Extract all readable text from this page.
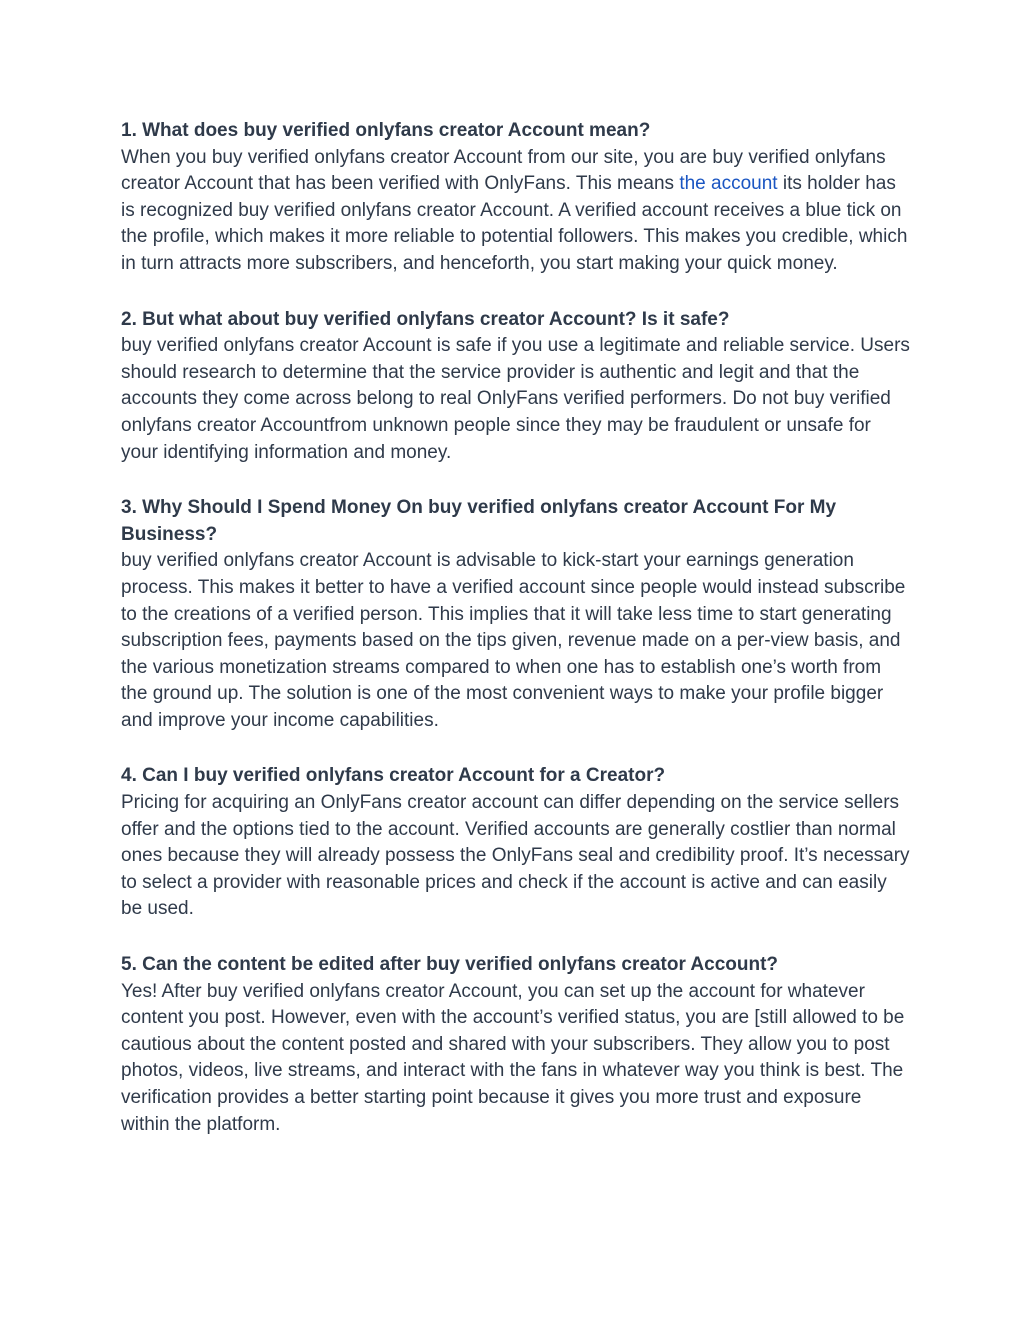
1. What does buy verified onlyfans creator Account mean?

When you buy verified onlyfans creator Account from our site, you are buy verified onlyfans creator Account that has been verified with OnlyFans. This means the account its holder has is recognized buy verified onlyfans creator Account. A verified account receives a blue tick on the profile, which makes it more reliable to potential followers. This makes you credible, which in turn attracts more subscribers, and henceforth, you start making your quick money.

2. But what about buy verified onlyfans creator Account? Is it safe?

buy verified onlyfans creator Account is safe if you use a legitimate and reliable service. Users should research to determine that the service provider is authentic and legit and that the accounts they come across belong to real OnlyFans verified performers. Do not buy verified onlyfans creator Accountfrom unknown people since they may be fraudulent or unsafe for your identifying information and money.

3. Why Should I Spend Money On buy verified onlyfans creator Account For My Business?

buy verified onlyfans creator Account is advisable to kick-start your earnings generation process. This makes it better to have a verified account since people would instead subscribe to the creations of a verified person. This implies that it will take less time to start generating subscription fees, payments based on the tips given, revenue made on a per-view basis, and the various monetization streams compared to when one has to establish one’s worth from the ground up. The solution is one of the most convenient ways to make your profile bigger and improve your income capabilities.

4. Can I buy verified onlyfans creator Account for a Creator?

Pricing for acquiring an OnlyFans creator account can differ depending on the service sellers offer and the options tied to the account. Verified accounts are generally costlier than normal ones because they will already possess the OnlyFans seal and credibility proof. It’s necessary to select a provider with reasonable prices and check if the account is active and can easily be used.

5. Can the content be edited after buy verified onlyfans creator Account?

Yes! After buy verified onlyfans creator Account, you can set up the account for whatever content you post. However, even with the account’s verified status, you are [still allowed to be cautious about the content posted and shared with your subscribers. They allow you to post photos, videos, live streams, and interact with the fans in whatever way you think is best. The verification provides a better starting point because it gives you more trust and exposure within the platform.
